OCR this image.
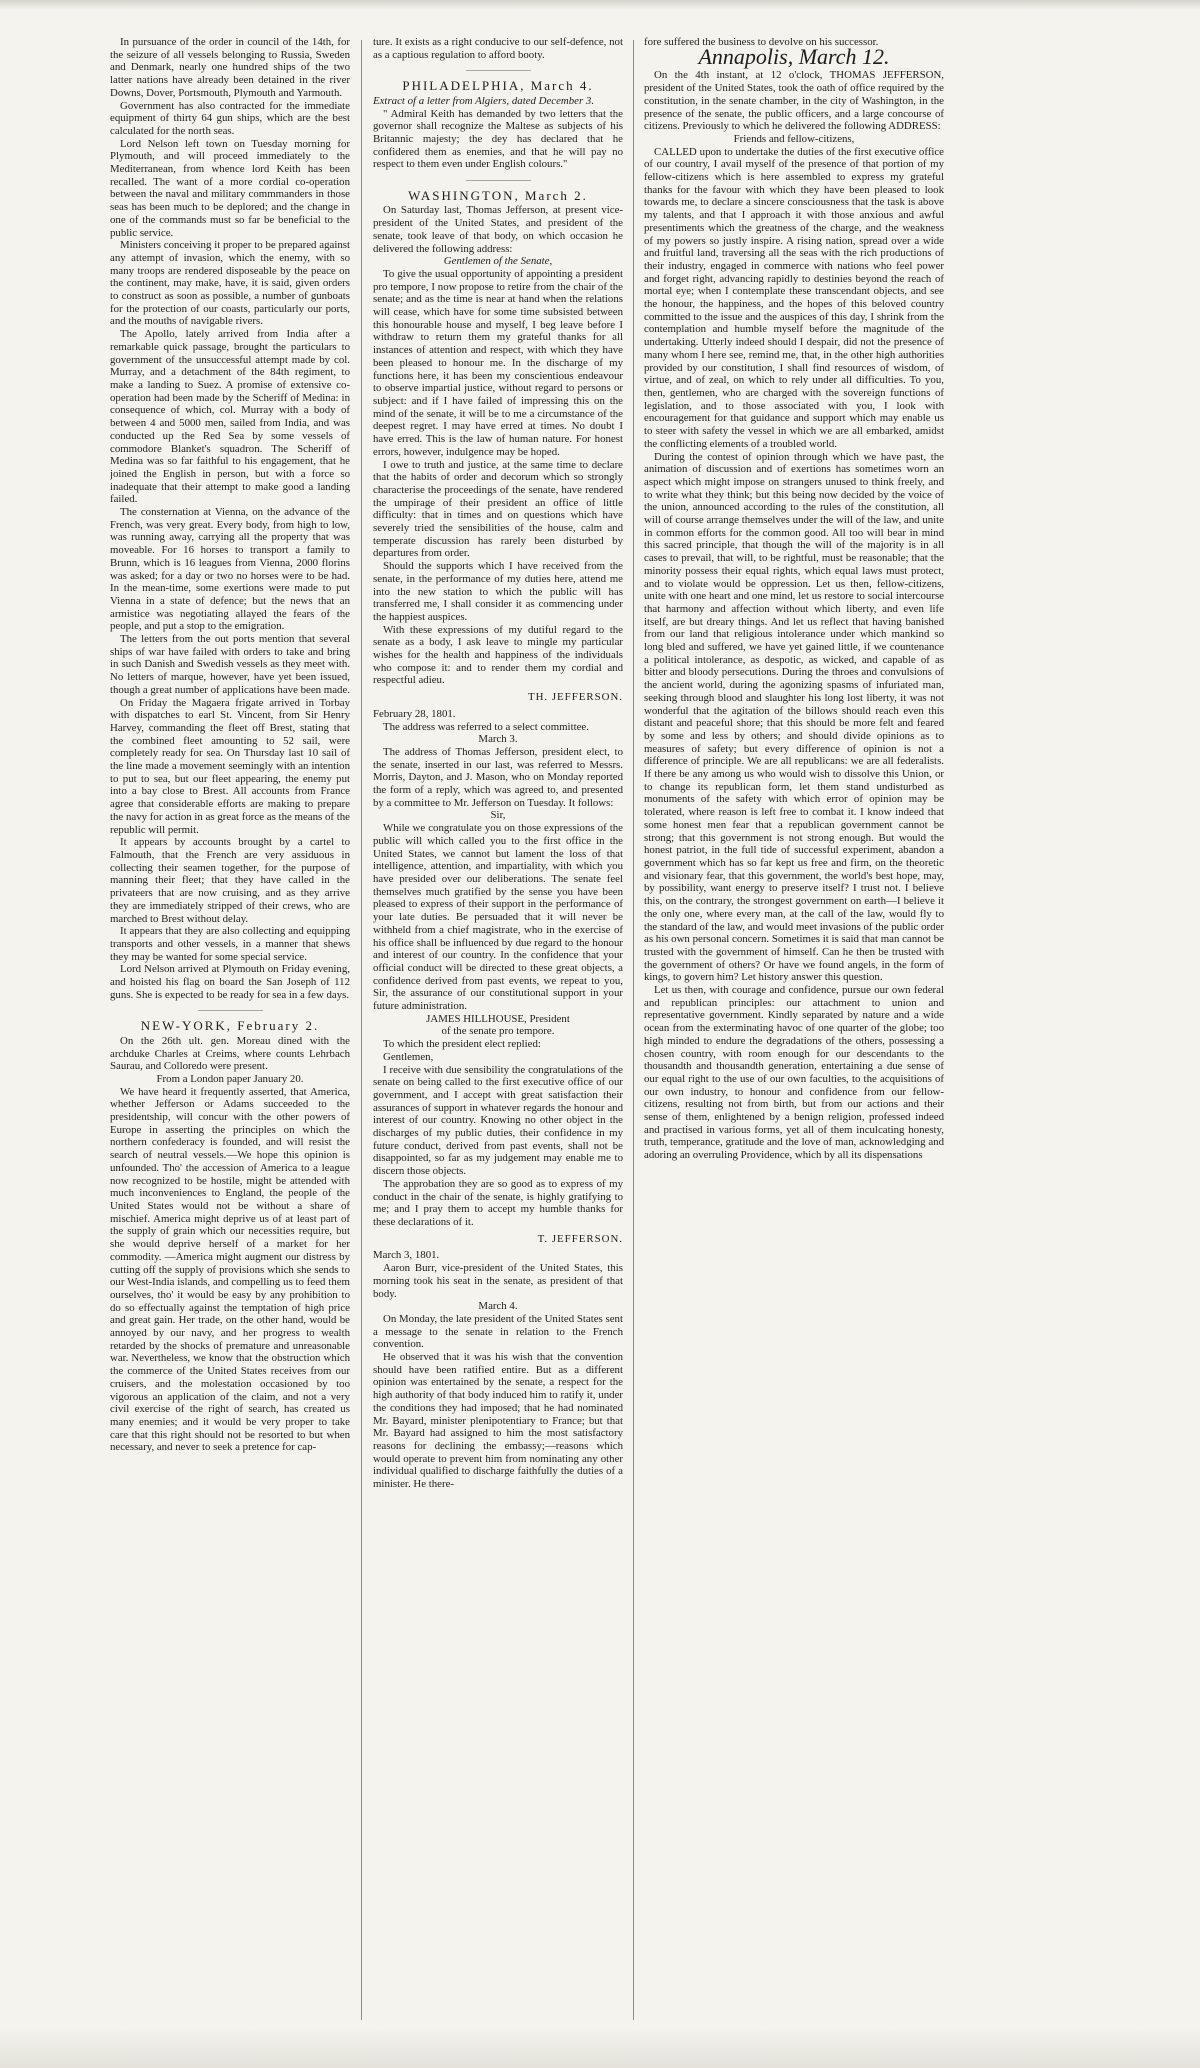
In pursuance of the order in council of the 14th, for the seizure of all vessels belonging to Russia, Sweden and Denmark, nearly one hundred ships of the two latter nations have already been detained in the river Downs, Dover, Portsmouth, Plymouth and Yarmouth.

Government has also contracted for the immediate equipment of thirty 64 gun ships, which are the best calculated for the north seas.

Lord Nelson left town on Tuesday morning for Plymouth, and will proceed immediately to the Mediterranean, from whence lord Keith has been recalled. The want of a more cordial co-operation between the naval and military commmanders in those seas has been much to be deplored; and the change in one of the commands must so far be beneficial to the public service.

Ministers conceiving it proper to be prepared against any attempt of invasion, which the enemy, with so many troops are rendered disposeable by the peace on the continent, may make, have, it is said, given orders to construct as soon as possible, a number of gunboats for the protection of our coasts, particularly our ports, and the mouths of navigable rivers.

The Apollo, lately arrived from India after a remarkable quick passage, brought the particulars to government of the unsuccessful attempt made by col. Murray, and a detachment of the 84th regiment, to make a landing to Suez. A promise of extensive co-operation had been made by the Scheriff of Medina: in consequence of which, col. Murray with a body of between 4 and 5000 men, sailed from India, and was conducted up the Red Sea by some vessels of commodore Blanket's squadron. The Scheriff of Medina was so far faithful to his engagement, that he joined the English in person, but with a force so inadequate that their attempt to make good a landing failed.

The consternation at Vienna, on the advance of the French, was very great. Every body, from high to low, was running away, carrying all the property that was moveable. For 16 horses to transport a family to Brunn, which is 16 leagues from Vienna, 2000 florins was asked; for a day or two no horses were to be had. In the mean-time, some exertions were made to put Vienna in a state of defence; but the news that an armistice was negotiating allayed the fears of the people, and put a stop to the emigration.

The letters from the out ports mention that several ships of war have failed with orders to take and bring in such Danish and Swedish vessels as they meet with. No letters of marque, however, have yet been issued, though a great number of applications have been made.

On Friday the Magaera frigate arrived in Torbay with dispatches to earl St. Vincent, from Sir Henry Harvey, commanding the fleet off Brest, stating that the combined fleet amounting to 52 sail, were completely ready for sea. On Thursday last 10 sail of the line made a movement seemingly with an intention to put to sea, but our fleet appearing, the enemy put into a bay close to Brest. All accounts from France agree that considerable efforts are making to prepare the navy for action in as great force as the means of the republic will permit.

It appears by accounts brought by a cartel to Falmouth, that the French are very assiduous in collecting their seamen together, for the purpose of manning their fleet; that they have called in the privateers that are now cruising, and as they arrive they are immediately stripped of their crews, who are marched to Brest without delay.

It appears that they are also collecting and equipping transports and other vessels, in a manner that shews they may be wanted for some special service.

Lord Nelson arrived at Plymouth on Friday evening, and hoisted his flag on board the San Joseph of 112 guns. She is expected to be ready for sea in a few days.

————————

NEW-YORK, February 2.

On the 26th ult. gen. Moreau dined with the archduke Charles at Creims, where counts Lehrbach Saurau, and Colloredo were present.

From a London paper January 20.

We have heard it frequently asserted, that America, whether Jefferson or Adams succeeded to the presidentship, will concur with the other powers of Europe in asserting the principles on which the northern confederacy is founded, and will resist the search of neutral vessels.—We hope this opinion is unfounded. Tho' the accession of America to a league now recognized to be hostile, might be attended with much inconveniences to England, the people of the United States would not be without a share of mischief. America might deprive us of at least part of the supply of grain which our necessities require, but she would deprive herself of a market for her commodity. —America might augment our distress by cutting off the supply of provisions which she sends to our West-India islands, and compelling us to feed them ourselves, tho' it would be easy by any prohibition to do so effectually against the temptation of high price and great gain. Her trade, on the other hand, would be annoyed by our navy, and her progress to wealth retarded by the shocks of premature and unreasonable war. Nevertheless, we know that the obstruction which the commerce of the United States receives from our cruisers, and the molestation occasioned by too vigorous an application of the claim, and not a very civil exercise of the right of search, has created us many enemies; and it would be very proper to take care that this right should not be resorted to but when necessary, and never to seek a pretence for cap-

ture. It exists as a right conducive to our self-defence, not as a captious regulation to afford booty.

————————

PHILADELPHIA, March 4.

Extract of a letter from Algiers, dated December 3.

" Admiral Keith has demanded by two letters that the governor shall recognize the Maltese as subjects of his Britannic majesty; the dey has declared that he confidered them as enemies, and that he will pay no respect to them even under English colours."

————————

WASHINGTON, March 2.

On Saturday last, Thomas Jefferson, at present vice-president of the United States, and president of the senate, took leave of that body, on which occasion he delivered the following address:

Gentlemen of the Senate,

To give the usual opportunity of appointing a president pro tempore, I now propose to retire from the chair of the senate; and as the time is near at hand when the relations will cease, which have for some time subsisted between this honourable house and myself, I beg leave before I withdraw to return them my grateful thanks for all instances of attention and respect, with which they have been pleased to honour me. In the discharge of my functions here, it has been my conscientious endeavour to observe impartial justice, without regard to persons or subject: and if I have failed of impressing this on the mind of the senate, it will be to me a circumstance of the deepest regret. I may have erred at times. No doubt I have erred. This is the law of human nature. For honest errors, however, indulgence may be hoped.

I owe to truth and justice, at the same time to declare that the habits of order and decorum which so strongly characterise the proceedings of the senate, have rendered the umpirage of their president an office of little difficulty: that in times and on questions which have severely tried the sensibilities of the house, calm and temperate discussion has rarely been disturbed by departures from order.

Should the supports which I have received from the senate, in the performance of my duties here, attend me into the new station to which the public will has transferred me, I shall consider it as commencing under the happiest auspices.

With these expressions of my dutiful regard to the senate as a body, I ask leave to mingle my particular wishes for the health and happiness of the individuals who compose it: and to render them my cordial and respectful adieu.

TH. JEFFERSON.

February 28, 1801.

The address was referred to a select committee.

March 3.

The address of Thomas Jefferson, president elect, to the senate, inserted in our last, was referred to Messrs. Morris, Dayton, and J. Mason, who on Monday reported the form of a reply, which was agreed to, and presented by a committee to Mr. Jefferson on Tuesday. It follows:

Sir,

While we congratulate you on those expressions of the public will which called you to the first office in the United States, we cannot but lament the loss of that intelligence, attention, and impartiality, with which you have presided over our deliberations. The senate feel themselves much gratified by the sense you have been pleased to express of their support in the performance of your late duties. Be persuaded that it will never be withheld from a chief magistrate, who in the exercise of his office shall be influenced by due regard to the honour and interest of our country. In the confidence that your official conduct will be directed to these great objects, a confidence derived from past events, we repeat to you, Sir, the assurance of our constitutional support in your future administration.

JAMES HILLHOUSE, President

of the senate pro tempore.

To which the president elect replied:

Gentlemen,

I receive with due sensibility the congratulations of the senate on being called to the first executive office of our government, and I accept with great satisfaction their assurances of support in whatever regards the honour and interest of our country. Knowing no other object in the discharges of my public duties, their confidence in my future conduct, derived from past events, shall not be disappointed, so far as my judgement may enable me to discern those objects.

The approbation they are so good as to express of my conduct in the chair of the senate, is highly gratifying to me; and I pray them to accept my humble thanks for these declarations of it.

T. JEFFERSON.

March 3, 1801.

Aaron Burr, vice-president of the United States, this morning took his seat in the senate, as president of that body.

March 4.

On Monday, the late president of the United States sent a message to the senate in relation to the French convention.

He observed that it was his wish that the convention should have been ratified entire. But as a different opinion was entertained by the senate, a respect for the high authority of that body induced him to ratify it, under the conditions they had imposed; that he had nominated Mr. Bayard, minister plenipotentiary to France; but that Mr. Bayard had assigned to him the most satisfactory reasons for declining the embassy;—reasons which would operate to prevent him from nominating any other individual qualified to discharge faithfully the duties of a minister. He there-

fore suffered the business to devolve on his successor.

Annapolis, March 12.

On the 4th instant, at 12 o'clock, THOMAS JEFFERSON, president of the United States, took the oath of office required by the constitution, in the senate chamber, in the city of Washington, in the presence of the senate, the public officers, and a large concourse of citizens. Previously to which he delivered the following ADDRESS:

Friends and fellow-citizens,

CALLED upon to undertake the duties of the first executive office of our country, I avail myself of the presence of that portion of my fellow-citizens which is here assembled to express my grateful thanks for the favour with which they have been pleased to look towards me, to declare a sincere consciousness that the task is above my talents, and that I approach it with those anxious and awful presentiments which the greatness of the charge, and the weakness of my powers so justly inspire. A rising nation, spread over a wide and fruitful land, traversing all the seas with the rich productions of their industry, engaged in commerce with nations who feel power and forget right, advancing rapidly to destinies beyond the reach of mortal eye; when I contemplate these transcendant objects, and see the honour, the happiness, and the hopes of this beloved country committed to the issue and the auspices of this day, I shrink from the contemplation and humble myself before the magnitude of the undertaking. Utterly indeed should I despair, did not the presence of many whom I here see, remind me, that, in the other high authorities provided by our constitution, I shall find resources of wisdom, of virtue, and of zeal, on which to rely under all difficulties. To you, then, gentlemen, who are charged with the sovereign functions of legislation, and to those associated with you, I look with encouragement for that guidance and support which may enable us to steer with safety the vessel in which we are all embarked, amidst the conflicting elements of a troubled world.

During the contest of opinion through which we have past, the animation of discussion and of exertions has sometimes worn an aspect which might impose on strangers unused to think freely, and to write what they think; but this being now decided by the voice of the union, announced according to the rules of the constitution, all will of course arrange themselves under the will of the law, and unite in common efforts for the common good. All too will bear in mind this sacred principle, that though the will of the majority is in all cases to prevail, that will, to be rightful, must be reasonable; that the minority possess their equal rights, which equal laws must protect, and to violate would be oppression. Let us then, fellow-citizens, unite with one heart and one mind, let us restore to social intercourse that harmony and affection without which liberty, and even life itself, are but dreary things. And let us reflect that having banished from our land that religious intolerance under which mankind so long bled and suffered, we have yet gained little, if we countenance a political intolerance, as despotic, as wicked, and capable of as bitter and bloody persecutions. During the throes and convulsions of the ancient world, during the agonizing spasms of infuriated man, seeking through blood and slaughter his long lost liberty, it was not wonderful that the agitation of the billows should reach even this distant and peaceful shore; that this should be more felt and feared by some and less by others; and should divide opinions as to measures of safety; but every difference of opinion is not a difference of principle. We are all republicans: we are all federalists. If there be any among us who would wish to dissolve this Union, or to change its republican form, let them stand undisturbed as monuments of the safety with which error of opinion may be tolerated, where reason is left free to combat it. I know indeed that some honest men fear that a republican government cannot be strong; that this government is not strong enough. But would the honest patriot, in the full tide of successful experiment, abandon a government which has so far kept us free and firm, on the theoretic and visionary fear, that this government, the world's best hope, may, by possibility, want energy to preserve itself? I trust not. I believe this, on the contrary, the strongest government on earth—I believe it the only one, where every man, at the call of the law, would fly to the standard of the law, and would meet invasions of the public order as his own personal concern. Sometimes it is said that man cannot be trusted with the government of himself. Can he then be trusted with the government of others? Or have we found angels, in the form of kings, to govern him? Let history answer this question.

Let us then, with courage and confidence, pursue our own federal and republican principles: our attachment to union and representative government. Kindly separated by nature and a wide ocean from the exterminating havoc of one quarter of the globe; too high minded to endure the degradations of the others, possessing a chosen country, with room enough for our descendants to the thousandth and thousandth generation, entertaining a due sense of our equal right to the use of our own faculties, to the acquisitions of our own industry, to honour and confidence from our fellow-citizens, resulting not from birth, but from our actions and their sense of them, enlightened by a benign religion, professed indeed and practised in various forms, yet all of them inculcating honesty, truth, temperance, gratitude and the love of man, acknowledging and adoring an overruling Providence, which by all its dispensations
